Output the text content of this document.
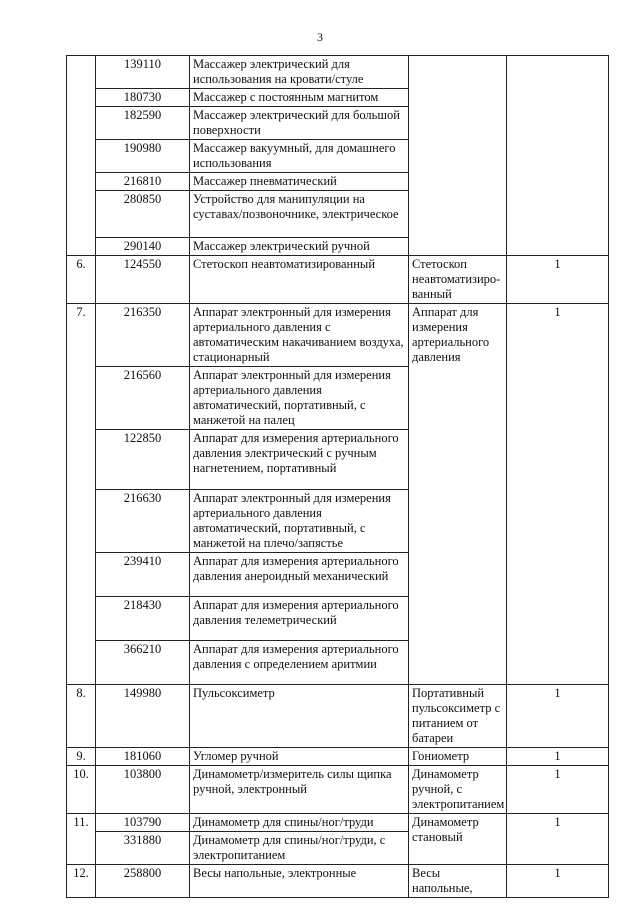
3
	139110	Массажер электрический для использования на кровати/стуле		
	180730	Массажер с постоянным магнитом		
	182590	Массажер электрический для большой поверхности		
	190980	Массажер вакуумный, для домашнего использования		
	216810	Массажер пневматический		
	280850	Устройство для манипуляции на суставах/позвоночнике, электрическое		
	290140	Массажер электрический ручной		
6.	124550	Стетоскоп неавтоматизированный	Стетоскоп неавтоматизиро-ванный	1
7.	216350	Аппарат электронный для измерения артериального давления с автоматическим накачиванием воздуха, стационарный	Аппарат для измерения артериального давления	1
	216560	Аппарат электронный для измерения артериального давления автоматический, портативный, с манжетой на палец		
	122850	Аппарат для измерения артериального давления электрический с ручным нагнетением, портативный		
	216630	Аппарат электронный для измерения артериального давления автоматический, портативный, с манжетой на плечо/запястье		
	239410	Аппарат для измерения артериального давления анероидный механический		
	218430	Аппарат для измерения артериального давления телеметрический		
	366210	Аппарат для измерения артериального давления с определением аритмии		
8.	149980	Пульсоксиметр	Портативный пульсоксиметр с питанием от батареи	1
9.	181060	Угломер ручной	Гониометр	1
10.	103800	Динамометр/измеритель силы щипка ручной, электронный	Динамометр ручной, с электропитанием	1
11.	103790	Динамометр для спины/ног/труди	Динамометр становый	1
	331880	Динамометр для спины/ног/труди, с электропитанием		
12.	258800	Весы напольные, электронные	Весы напольные,	1
